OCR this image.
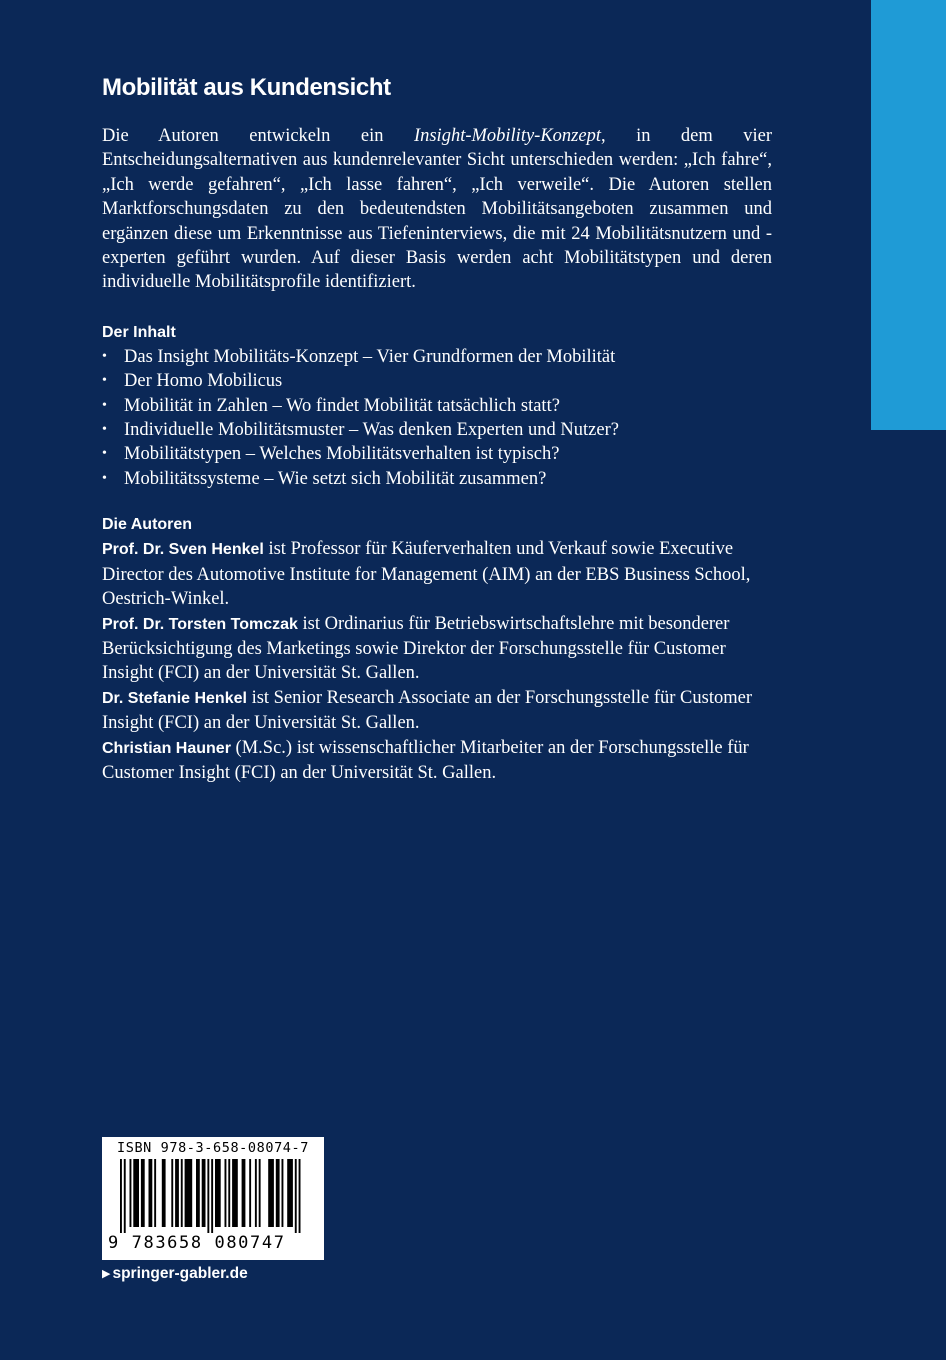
Mobilität aus Kundensicht

Die Autoren entwickeln ein Insight-Mobility-Konzept, in dem vier Entscheidungsalternativen aus kundenrelevanter Sicht unterschieden werden: „Ich fahre“, „Ich werde gefahren“, „Ich lasse fahren“, „Ich verweile“. Die Autoren stellen Marktforschungsdaten zu den bedeutendsten Mobilitätsangeboten zusammen und ergänzen diese um Erkenntnisse aus Tiefeninterviews, die mit 24 Mobilitätsnutzern und -experten geführt wurden. Auf dieser Basis werden acht Mobilitätstypen und deren individuelle Mobilitätsprofile identifiziert.

Der Inhalt
• Das Insight Mobilitäts-Konzept – Vier Grundformen der Mobilität
• Der Homo Mobilicus
• Mobilität in Zahlen – Wo findet Mobilität tatsächlich statt?
• Individuelle Mobilitätsmuster – Was denken Experten und Nutzer?
• Mobilitätstypen – Welches Mobilitätsverhalten ist typisch?
• Mobilitätssysteme – Wie setzt sich Mobilität zusammen?
Die Autoren

Prof. Dr. Sven Henkel ist Professor für Käuferverhalten und Verkauf sowie Executive Director des Automotive Institute for Management (AIM) an der EBS Business School, Oestrich-Winkel.

Prof. Dr. Torsten Tomczak ist Ordinarius für Betriebswirtschaftslehre mit besonderer Berücksichtigung des Marketings sowie Direktor der Forschungsstelle für Customer Insight (FCI) an der Universität St. Gallen.

Dr. Stefanie Henkel ist Senior Research Associate an der Forschungsstelle für Customer Insight (FCI) an der Universität St. Gallen.

Christian Hauner (M.Sc.) ist wissenschaftlicher Mitarbeiter an der Forschungsstelle für Customer Insight (FCI) an der Universität St. Gallen.

ISBN 978-3-658-08074-7
9 783658 080747
▶ springer-gabler.de
